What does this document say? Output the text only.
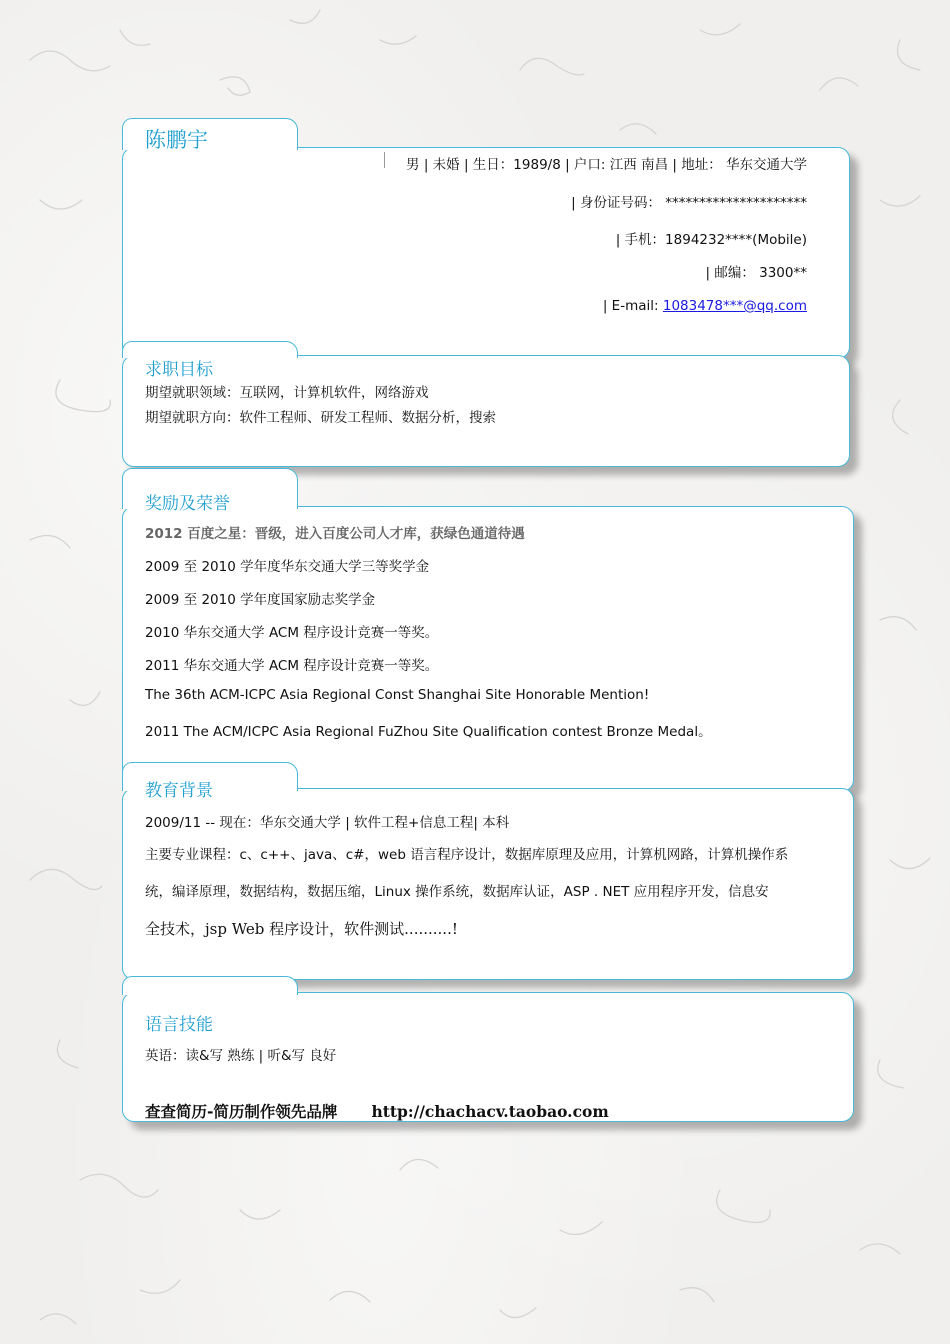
陈鹏宇
男 | 未婚 | 生日：1989/8 | 户口: 江西 南昌 | 地址： 华东交通大学
| 身份证号码： *********************
| 手机：1894232****(Mobile)
| 邮编： 3300**
| E-mail: 1083478***@qq.com
求职目标
期望就职领域：互联网，计算机软件，网络游戏
期望就职方向：软件工程师、研发工程师、数据分析，搜索
奖励及荣誉
2012 百度之星：晋级，进入百度公司人才库，获绿色通道待遇
2009 至 2010 学年度华东交通大学三等奖学金
2009 至 2010 学年度国家励志奖学金
2010 华东交通大学 ACM 程序设计竞赛一等奖。
2011 华东交通大学 ACM 程序设计竞赛一等奖。
The 36th ACM-ICPC Asia Regional Const Shanghai Site Honorable Mention!
2011 The ACM/ICPC Asia Regional FuZhou Site Qualification contest Bronze Medal。
教育背景
2009/11 -- 现在：华东交通大学 | 软件工程+信息工程| 本科
主要专业课程：c、c++、java、c#，web 语言程序设计，数据库原理及应用，计算机网路，计算机操作系
统，编译原理，数据结构，数据压缩，Linux 操作系统，数据库认证，ASP . NET 应用程序开发，信息安
全技术，jsp Web 程序设计，软件测试..........!
语言技能
英语：读&写 熟练 | 听&写 良好
查查简历-简历制作领先品牌 http://chachacv.taobao.com
